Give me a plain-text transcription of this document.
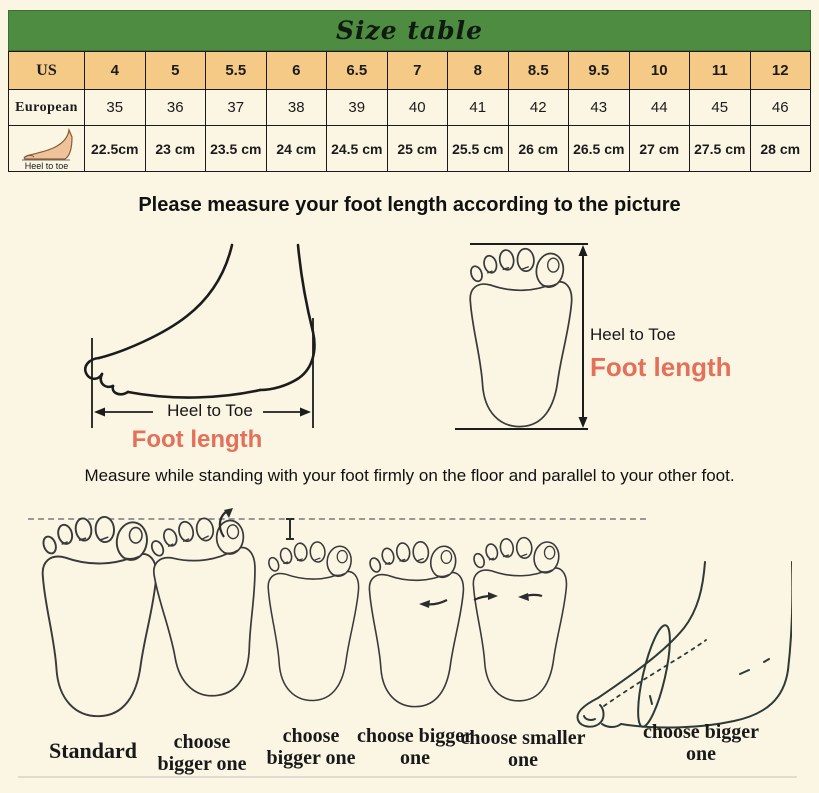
Size table
US	4	5	5.5	6	6.5	7	8	8.5	9.5	10	11	12
European	35	36	37	38	39	40	41	42	43	44	45	46

Heel to toe	22.5cm	23 cm	23.5 cm	24 cm	24.5 cm	25 cm	25.5 cm	26 cm	26.5 cm	27 cm	27.5 cm	28 cm
Please measure your foot length according to the picture
Heel to Toe
Foot length
Heel to Toe
Foot length
Measure while standing with your foot firmly on the floor and parallel to your other foot.
Standard	choose bigger one
choose bigger one
choose bigger one
choose smaller one
choose bigger one
